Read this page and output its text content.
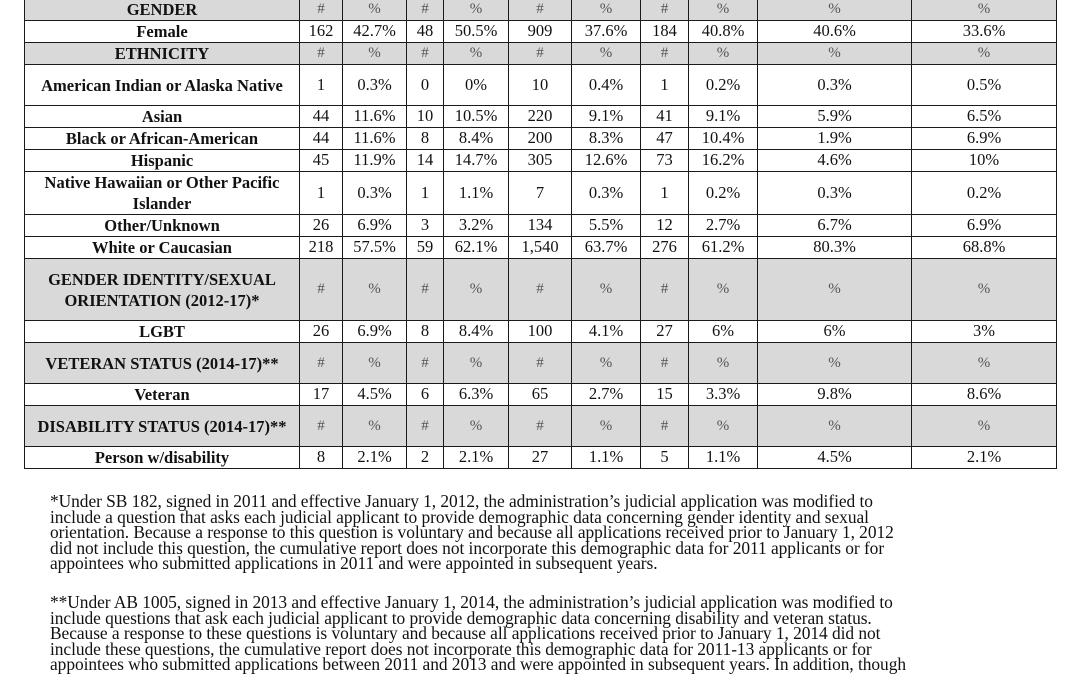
GENDER	#	%	#	%	#	%	#	%	%	%
Female	162	42.7%	48	50.5%	909	37.6%	184	40.8%	40.6%	33.6%
ETHNICITY	#	%	#	%	#	%	#	%	%	%
American Indian or Alaska Native	1	0.3%	0	0%	10	0.4%	1	0.2%	0.3%	0.5%
Asian	44	11.6%	10	10.5%	220	9.1%	41	9.1%	5.9%	6.5%
Black or African-American	44	11.6%	8	8.4%	200	8.3%	47	10.4%	1.9%	6.9%
Hispanic	45	11.9%	14	14.7%	305	12.6%	73	16.2%	4.6%	10%
Native Hawaiian or Other Pacific Islander	1	0.3%	1	1.1%	7	0.3%	1	0.2%	0.3%	0.2%
Other/Unknown	26	6.9%	3	3.2%	134	5.5%	12	2.7%	6.7%	6.9%
White or Caucasian	218	57.5%	59	62.1%	1,540	63.7%	276	61.2%	80.3%	68.8%
GENDER IDENTITY/SEXUAL ORIENTATION (2012-17)*	#	%	#	%	#	%	#	%	%	%
LGBT	26	6.9%	8	8.4%	100	4.1%	27	6%	6%	3%
VETERAN STATUS (2014-17)**	#	%	#	%	#	%	#	%	%	%
Veteran	17	4.5%	6	6.3%	65	2.7%	15	3.3%	9.8%	8.6%
DISABILITY STATUS (2014-17)**	#	%	#	%	#	%	#	%	%	%
Person w/disability	8	2.1%	2	2.1%	27	1.1%	5	1.1%	4.5%	2.1%

*Under SB 182, signed in 2011 and effective January 1, 2012, the administration’s judicial application was modified to

include a question that asks each judicial applicant to provide demographic data concerning gender identity and sexual

orientation. Because a response to this question is voluntary and because all applications received prior to January 1, 2012

did not include this question, the cumulative report does not incorporate this demographic data for 2011 applicants or for

appointees who submitted applications in 2011 and were appointed in subsequent years.

**Under AB 1005, signed in 2013 and effective January 1, 2014, the administration’s judicial application was modified to

include questions that ask each judicial applicant to provide demographic data concerning disability and veteran status.

Because a response to these questions is voluntary and because all applications received prior to January 1, 2014 did not

include these questions, the cumulative report does not incorporate this demographic data for 2011-13 applicants or for

appointees who submitted applications between 2011 and 2013 and were appointed in subsequent years. In addition, though
